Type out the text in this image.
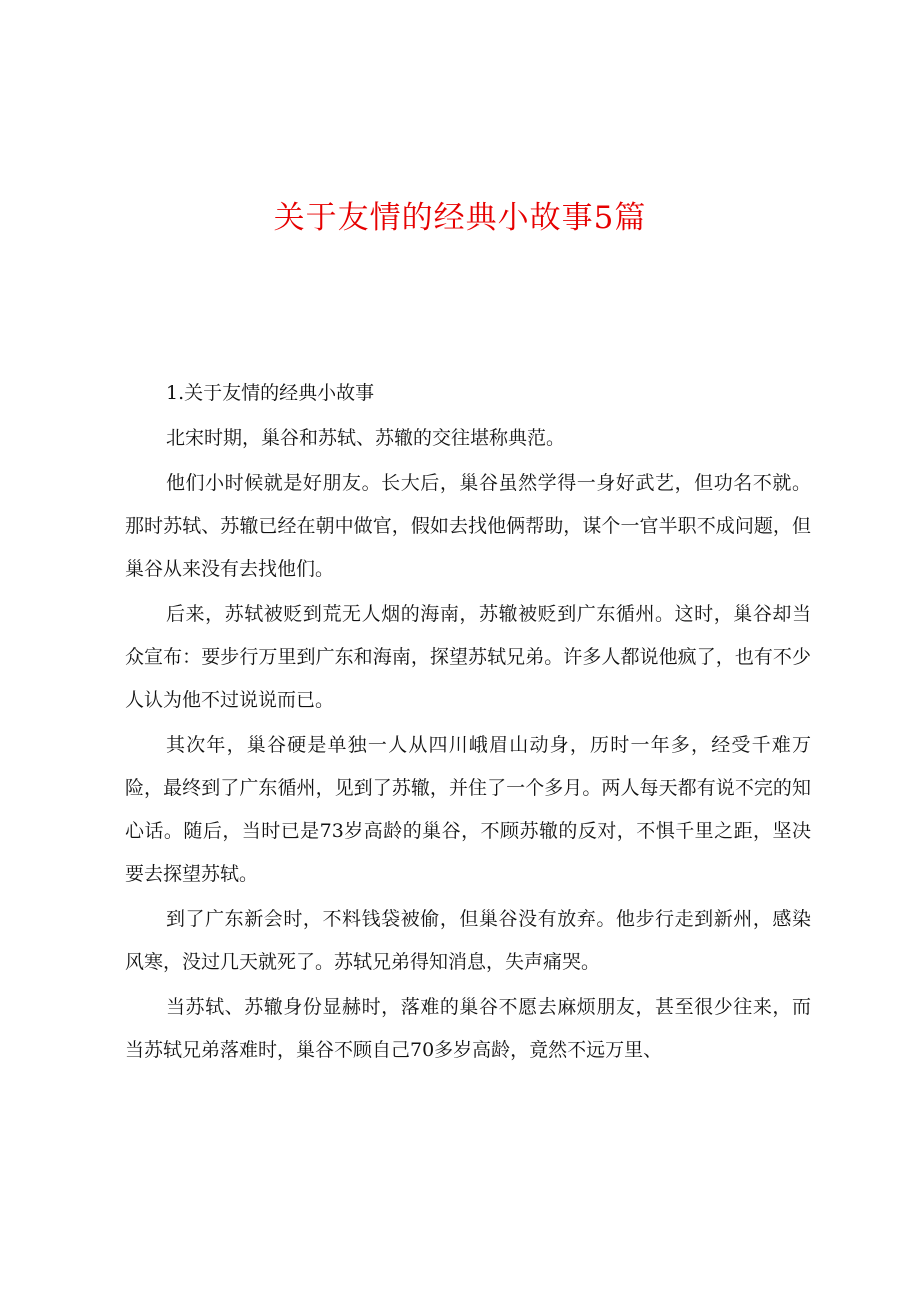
关于友情的经典小故事5篇

1.关于友情的经典小故事

北宋时期，巢谷和苏轼、苏辙的交往堪称典范。

他们小时候就是好朋友。长大后，巢谷虽然学得一身好武艺，但功名不就。那时苏轼、苏辙已经在朝中做官，假如去找他俩帮助，谋个一官半职不成问题，但巢谷从来没有去找他们。

后来，苏轼被贬到荒无人烟的海南，苏辙被贬到广东循州。这时，巢谷却当众宣布：要步行万里到广东和海南，探望苏轼兄弟。许多人都说他疯了，也有不少人认为他不过说说而已。

其次年，巢谷硬是单独一人从四川峨眉山动身，历时一年多，经受千难万险，最终到了广东循州，见到了苏辙，并住了一个多月。两人每天都有说不完的知心话。随后，当时已是73岁高龄的巢谷，不顾苏辙的反对，不惧千里之距，坚决要去探望苏轼。

到了广东新会时，不料钱袋被偷，但巢谷没有放弃。他步行走到新州，感染风寒，没过几天就死了。苏轼兄弟得知消息，失声痛哭。

当苏轼、苏辙身份显赫时，落难的巢谷不愿去麻烦朋友，甚至很少往来，而当苏轼兄弟落难时，巢谷不顾自己70多岁高龄，竟然不远万里、
